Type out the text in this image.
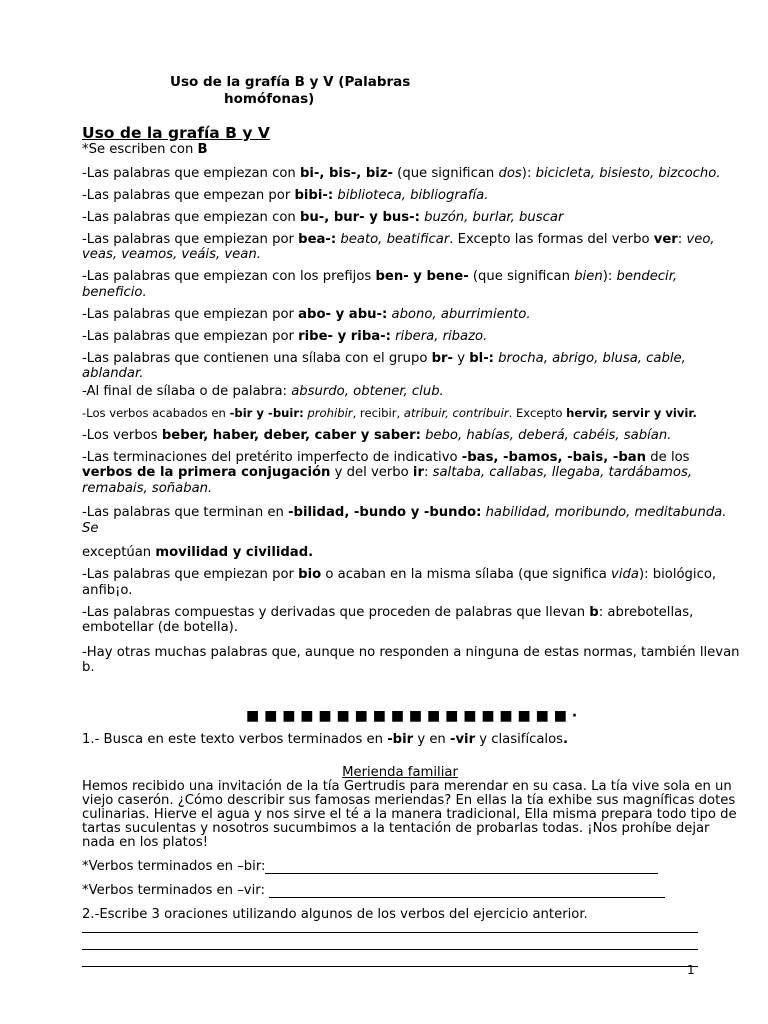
Uso de la grafía B y V (Palabras
homófonas)
Uso de la grafía B y V

*Se escriben con B

-Las palabras que empiezan con bi-, bis-, biz- (que significan dos): bicicleta, bisiesto, bizcocho.

-Las palabras que empezan por bibi-: biblioteca, bibliografía.

-Las palabras que empiezan con bu-, bur- y bus-: buzón, burlar, buscar

-Las palabras que empiezan por bea-: beato, beatificar. Excepto las formas del verbo ver: veo, veas, veamos, veáis, vean.

-Las palabras que empiezan con los prefijos ben- y bene- (que significan bien): bendecir, beneficio.

-Las palabras que empiezan por abo- y abu-: abono, aburrimiento.

-Las palabras que empiezan por ribe- y riba-: ribera, ribazo.

-Las palabras que contienen una sílaba con el grupo br- y bl-: brocha, abrigo, blusa, cable, ablandar.

-Al final de sílaba o de palabra: absurdo, obtener, club.

-Los verbos acabados en -bir y -buir: prohibir, recibir, atribuir, contribuir. Excepto hervir, servir y vivir.

-Los verbos beber, haber, deber, caber y saber: bebo, habías, deberá, cabéis, sabían.

-Las terminaciones del pretérito imperfecto de indicativo -bas, -bamos, -bais, -ban de los verbos de la primera conjugación y del verbo ir: saltaba, callabas, llegaba, tardábamos, remabais, soñaban.

-Las palabras que terminan en -bilidad, -bundo y -bundo: habilidad, moribundo, meditabunda. Se

exceptúan movilidad y civilidad.

-Las palabras que empiezan por bio o acaban en la misma sílaba (que significa vida): biológico, anfib¡o.

-Las palabras compuestas y derivadas que proceden de palabras que llevan b: abrebotellas, embotellar (de botella).

-Hay otras muchas palabras que, aunque no responden a ninguna de estas normas, también llevan b.

■ ■ ■ ■ ■ ■ ■ ■ ■ ■ ■ ■ ■ ■ ■ ■ ■ ■ ·

1.- Busca en este texto verbos terminados en -bir y en -vir y clasifícalos.

Merienda familiar

Hemos recibido una invitación de la tía Gertrudis para merendar en su casa. La tía vive sola en un viejo caserón. ¿Cómo describir sus famosas meriendas? En ellas la tía exhibe sus magníficas dotes culinarias. Hierve el agua y nos sirve el té a la manera tradicional, Ella misma prepara todo tipo de tartas suculentas y nosotros sucumbimos a la tentación de probarlas todas. ¡Nos prohíbe dejar nada en los platos!

*Verbos terminados en –bir:
*Verbos terminados en –vir:

2.-Escribe 3 oraciones utilizando algunos de los verbos del ejercicio anterior.

1
